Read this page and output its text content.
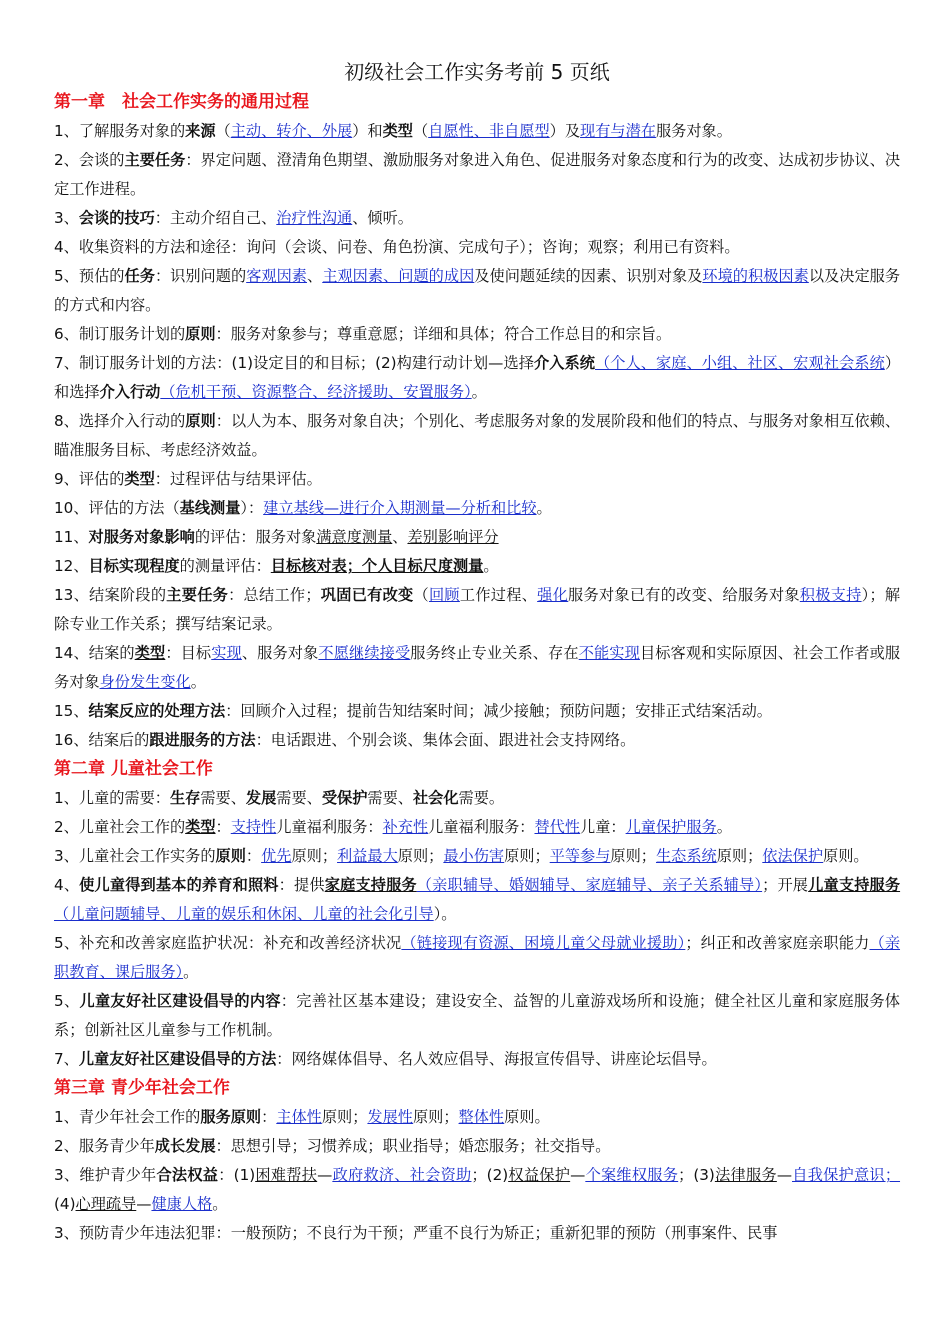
初级社会工作实务考前 5 页纸
第一章　社会工作实务的通用过程
1、了解服务对象的来源（主动、转介、外展）和类型（自愿性、非自愿型）及现有与潜在服务对象。
2、会谈的主要任务：界定问题、澄清角色期望、激励服务对象进入角色、促进服务对象态度和行为的改变、达成初步协议、决定工作进程。
3、会谈的技巧：主动介绍自己、治疗性沟通、倾听。
4、收集资料的方法和途径：询问（会谈、问卷、角色扮演、完成句子）；咨询；观察；利用已有资料。
5、预估的任务：识别问题的客观因素、主观因素、问题的成因及使问题延续的因素、识别对象及环境的积极因素以及决定服务的方式和内容。
6、制订服务计划的原则：服务对象参与；尊重意愿；详细和具体；符合工作总目的和宗旨。
7、制订服务计划的方法：(1)设定目的和目标；(2)构建行动计划—选择介入系统（个人、家庭、小组、社区、宏观社会系统）和选择介入行动（危机干预、资源整合、经济援助、安置服务）。
8、选择介入行动的原则：以人为本、服务对象自决；个别化、考虑服务对象的发展阶段和他们的特点、与服务对象相互依赖、瞄准服务目标、考虑经济效益。
9、评估的类型：过程评估与结果评估。
10、评估的方法（基线测量）：建立基线—进行介入期测量—分析和比较。
11、对服务对象影响的评估：服务对象满意度测量、差别影响评分
12、目标实现程度的测量评估：目标核对表；个人目标尺度测量。
13、结案阶段的主要任务：总结工作；巩固已有改变（回顾工作过程、强化服务对象已有的改变、给服务对象积极支持）；解除专业工作关系；撰写结案记录。
14、结案的类型：目标实现、服务对象不愿继续接受服务终止专业关系、存在不能实现目标客观和实际原因、社会工作者或服务对象身份发生变化。
15、结案反应的处理方法：回顾介入过程；提前告知结案时间；减少接触；预防问题；安排正式结案活动。
16、结案后的跟进服务的方法：电话跟进、个别会谈、集体会面、跟进社会支持网络。
第二章 儿童社会工作
1、儿童的需要：生存需要、发展需要、受保护需要、社会化需要。
2、儿童社会工作的类型：支持性儿童福利服务：补充性儿童福利服务：替代性儿童：儿童保护服务。
3、儿童社会工作实务的原则：优先原则；利益最大原则；最小伤害原则；平等参与原则；生态系统原则；依法保护原则。
4、使儿童得到基本的养育和照料：提供家庭支持服务（亲职辅导、婚姻辅导、家庭辅导、亲子关系辅导）；开展儿童支持服务（儿童问题辅导、儿童的娱乐和休闲、儿童的社会化引导）。
5、补充和改善家庭监护状况：补充和改善经济状况（链接现有资源、困境儿童父母就业援助）；纠正和改善家庭亲职能力（亲职教育、课后服务）。
5、儿童友好社区建设倡导的内容：完善社区基本建设；建设安全、益智的儿童游戏场所和设施；健全社区儿童和家庭服务体系；创新社区儿童参与工作机制。
7、儿童友好社区建设倡导的方法：网络媒体倡导、名人效应倡导、海报宣传倡导、讲座论坛倡导。
第三章 青少年社会工作
1、青少年社会工作的服务原则：主体性原则；发展性原则；整体性原则。
2、服务青少年成长发展：思想引导；习惯养成；职业指导；婚恋服务；社交指导。
3、维护青少年合法权益：(1)困难帮扶—政府救济、社会资助；(2)权益保护—个案维权服务；(3)法律服务—自我保护意识；(4)心理疏导—健康人格。
3、预防青少年违法犯罪：一般预防；不良行为干预；严重不良行为矫正；重新犯罪的预防（刑事案件、民事
